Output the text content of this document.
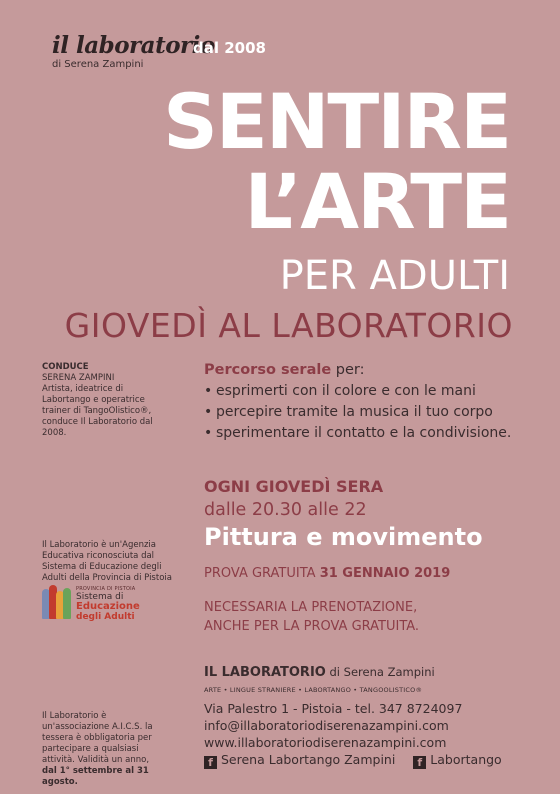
il laboratorio
dal 2008
di Serena Zampini
SENTIRE
L’ARTE
PER ADULTI
GIOVEDÌ AL LABORATORIO
CONDUCE
SERENA ZAMPINI
Artista, ideatrice di Labortango e operatrice trainer di TangoOlistico®, conduce Il Laboratorio dal 2008.
Il Laboratorio è un'Agenzia Educativa riconosciuta dal Sistema di Educazione degli Adulti della Provincia di Pistoia
PROVINCIA DI PISTOIA
Sistema di
Educazione
degli Adulti
Il Laboratorio è un'associazione A.I.C.S. la tessera è obbligatoria per partecipare a qualsiasi attività. Validità un anno,
dal 1° settembre al 31 agosto.
Percorso serale per:
• esprimerti con il colore e con le mani
• percepire tramite la musica il tuo corpo
• sperimentare il contatto e la condivisione.
OGNI GIOVEDÌ SERA
dalle 20.30 alle 22
Pittura e movimento
PROVA GRATUITA 31 GENNAIO 2019
NECESSARIA LA PRENOTAZIONE,
ANCHE PER LA PROVA GRATUITA.
IL LABORATORIO di Serena Zampini
ARTE • LINGUE STRANIERE • LABORTANGO • TANGOOLISTICO®
Via Palestro 1 - Pistoia - tel. 347 8724097
info@illaboratoriodiserenazampini.com
www.illaboratoriodiserenazampini.com
f Serena Labortango Zampini f Labortango
